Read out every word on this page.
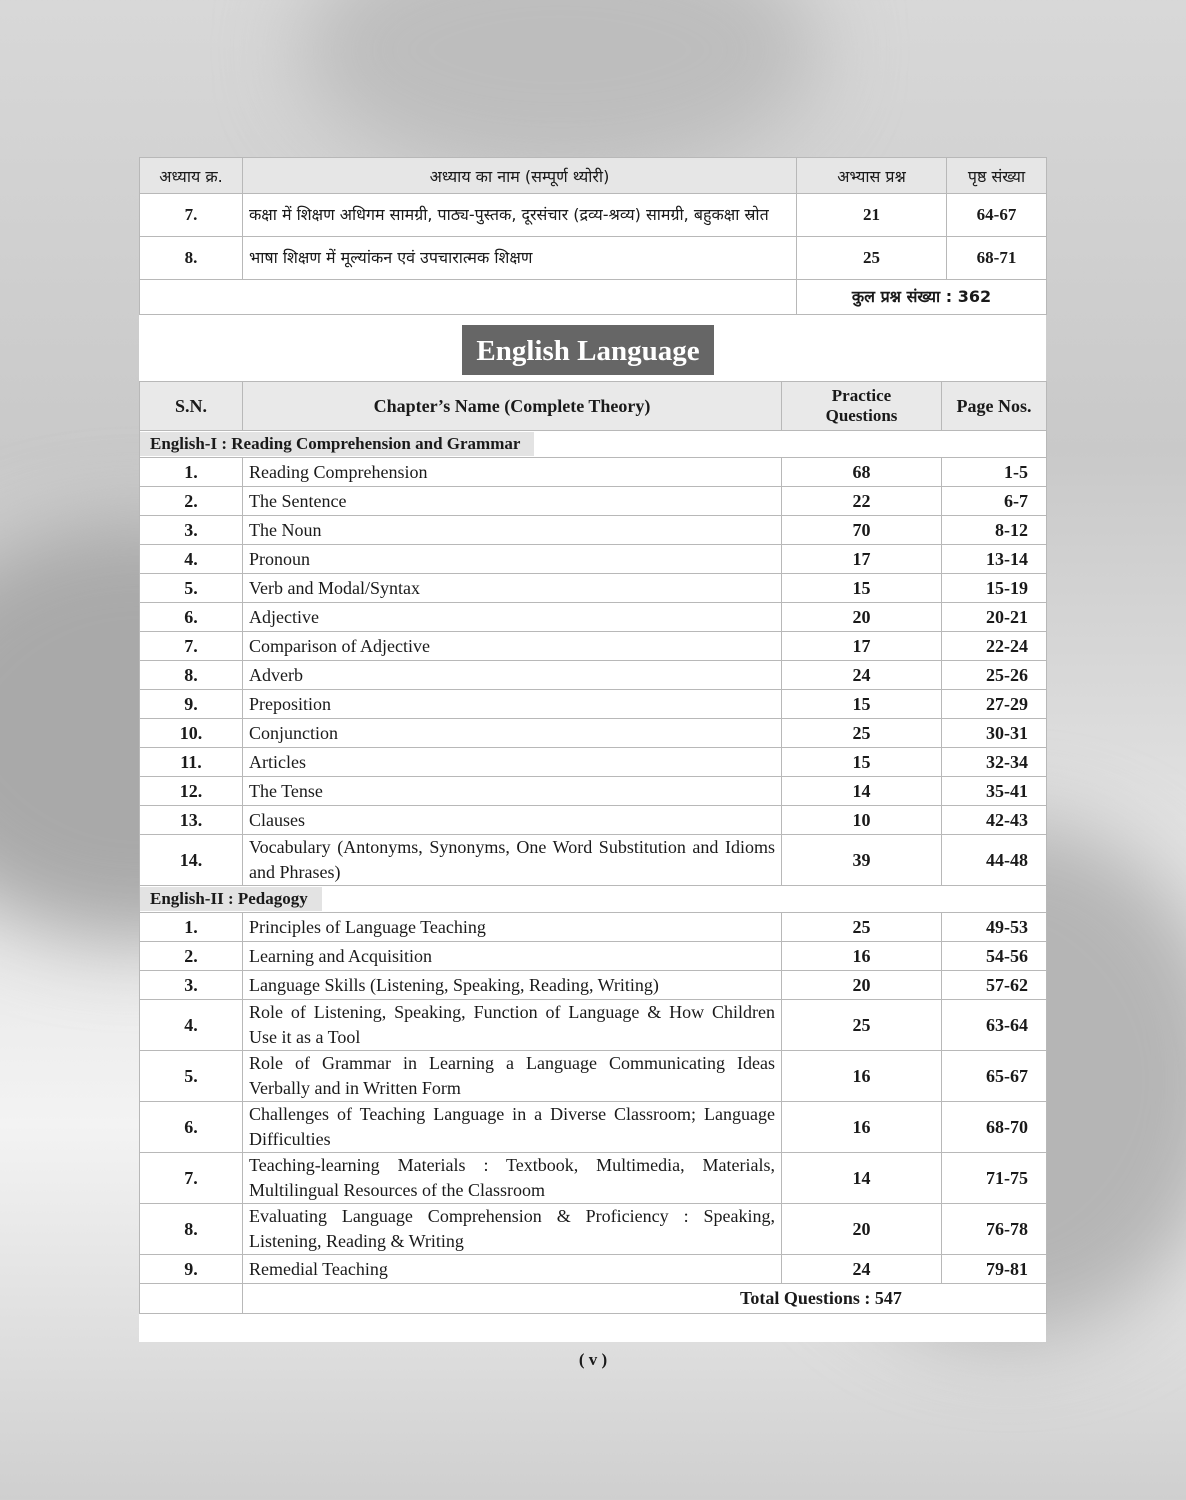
अध्याय क्र.	अध्याय का नाम (सम्पूर्ण थ्योरी)	अभ्यास प्रश्न	पृष्ठ संख्या
7.	कक्षा में शिक्षण अधिगम सामग्री, पाठ्य-पुस्तक, दूरसंचार (द्रव्य-श्रव्य) सामग्री, बहुकक्षा स्रोत	21	64-67
8.	भाषा शिक्षण में मूल्यांकन एवं उपचारात्मक शिक्षण	25	68-71
		कुल प्रश्न संख्या : 362	
English Language
S.N.	Chapter’s Name (Complete Theory)	Practice Questions	Page Nos.
English-I : Reading Comprehension and Grammar			
1.	Reading Comprehension	68	1-5
2.	The Sentence	22	6-7
3.	The Noun	70	8-12
4.	Pronoun	17	13-14
5.	Verb and Modal/Syntax	15	15-19
6.	Adjective	20	20-21
7.	Comparison of Adjective	17	22-24
8.	Adverb	24	25-26
9.	Preposition	15	27-29
10.	Conjunction	25	30-31
11.	Articles	15	32-34
12.	The Tense	14	35-41
13.	Clauses	10	42-43
14.	Vocabulary (Antonyms, Synonyms, One Word Substitution and Idioms and Phrases)	39	44-48
English-II : Pedagogy			
1.	Principles of Language Teaching	25	49-53
2.	Learning and Acquisition	16	54-56
3.	Language Skills (Listening, Speaking, Reading, Writing)	20	57-62
4.	Role of Listening, Speaking, Function of Language & How Children Use it as a Tool	25	63-64
5.	Role of Grammar in Learning a Language Communicating Ideas Verbally and in Written Form	16	65-67
6.	Challenges of Teaching Language in a Diverse Classroom; Language Difficulties	16	68-70
7.	Teaching-learning Materials : Textbook, Multimedia, Materials, Multilingual Resources of the Classroom	14	71-75
8.	Evaluating Language Comprehension & Proficiency : Speaking, Listening, Reading & Writing	20	76-78
9.	Remedial Teaching	24	79-81
	Total Questions : 547		
( v )
